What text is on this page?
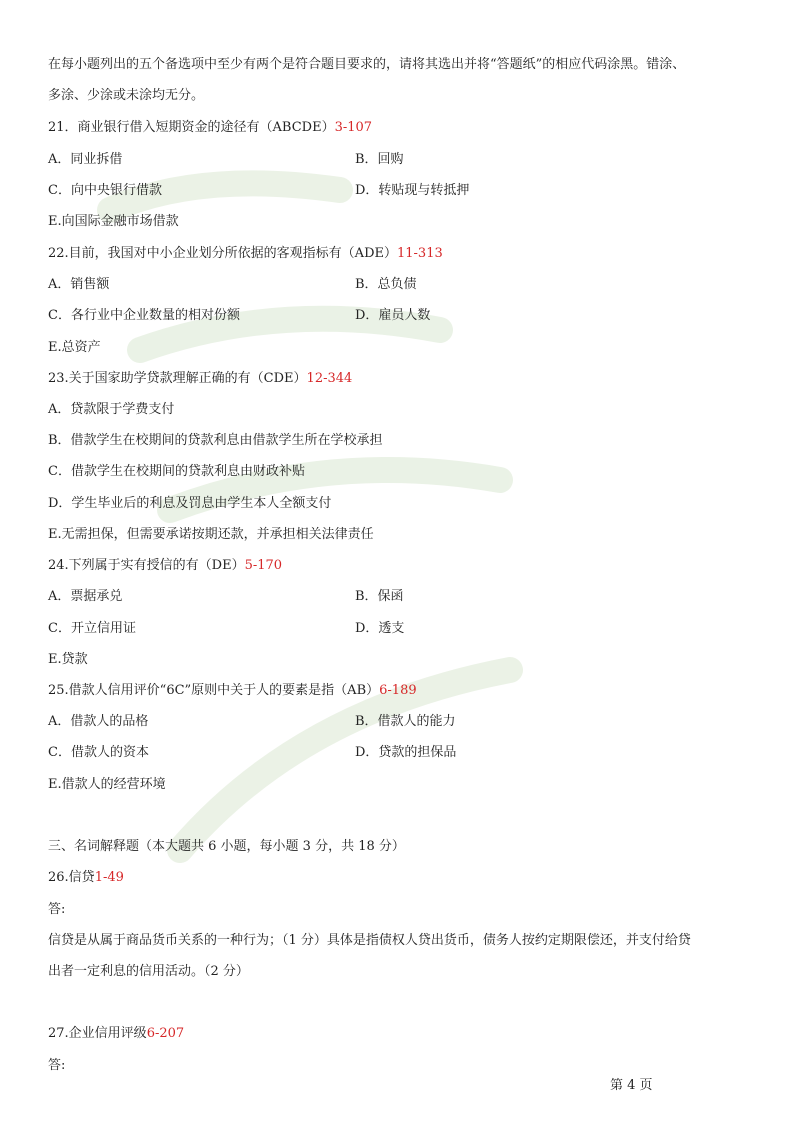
在每小题列出的五个备选项中至少有两个是符合题目要求的，请将其选出并将“答题纸”的相应代码涂黑。错涂、
多涂、少涂或未涂均无分。
21．商业银行借入短期资金的途径有（ABCDE）3-107
A．同业拆借	B．回购
C．向中央银行借款	D．转贴现与转抵押
E.向国际金融市场借款
22.目前，我国对中小企业划分所依据的客观指标有（ADE）11-313
A．销售额	B．总负债
C．各行业中企业数量的相对份额	D．雇员人数
E.总资产
23.关于国家助学贷款理解正确的有（CDE）12-344
A．贷款限于学费支付
B．借款学生在校期间的贷款利息由借款学生所在学校承担
C．借款学生在校期间的贷款利息由财政补贴
D．学生毕业后的利息及罚息由学生本人全额支付
E.无需担保，但需要承诺按期还款，并承担相关法律责任
24.下列属于实有授信的有（DE）5-170
A．票据承兑	B．保函
C．开立信用证	D．透支
E.贷款
25.借款人信用评价“6C”原则中关于人的要素是指（AB）6-189
A．借款人的品格	B．借款人的能力
C．借款人的资本	D．贷款的担保品
E.借款人的经营环境
三、名词解释题（本大题共 6 小题，每小题 3 分，共 18 分）
26.信贷1-49
答:
信贷是从属于商品货币关系的一种行为；（1 分）具体是指债权人贷出货币，债务人按约定期限偿还，并支付给贷
出者一定利息的信用活动。（2 分）
27.企业信用评级6-207
答:
第 4 页
